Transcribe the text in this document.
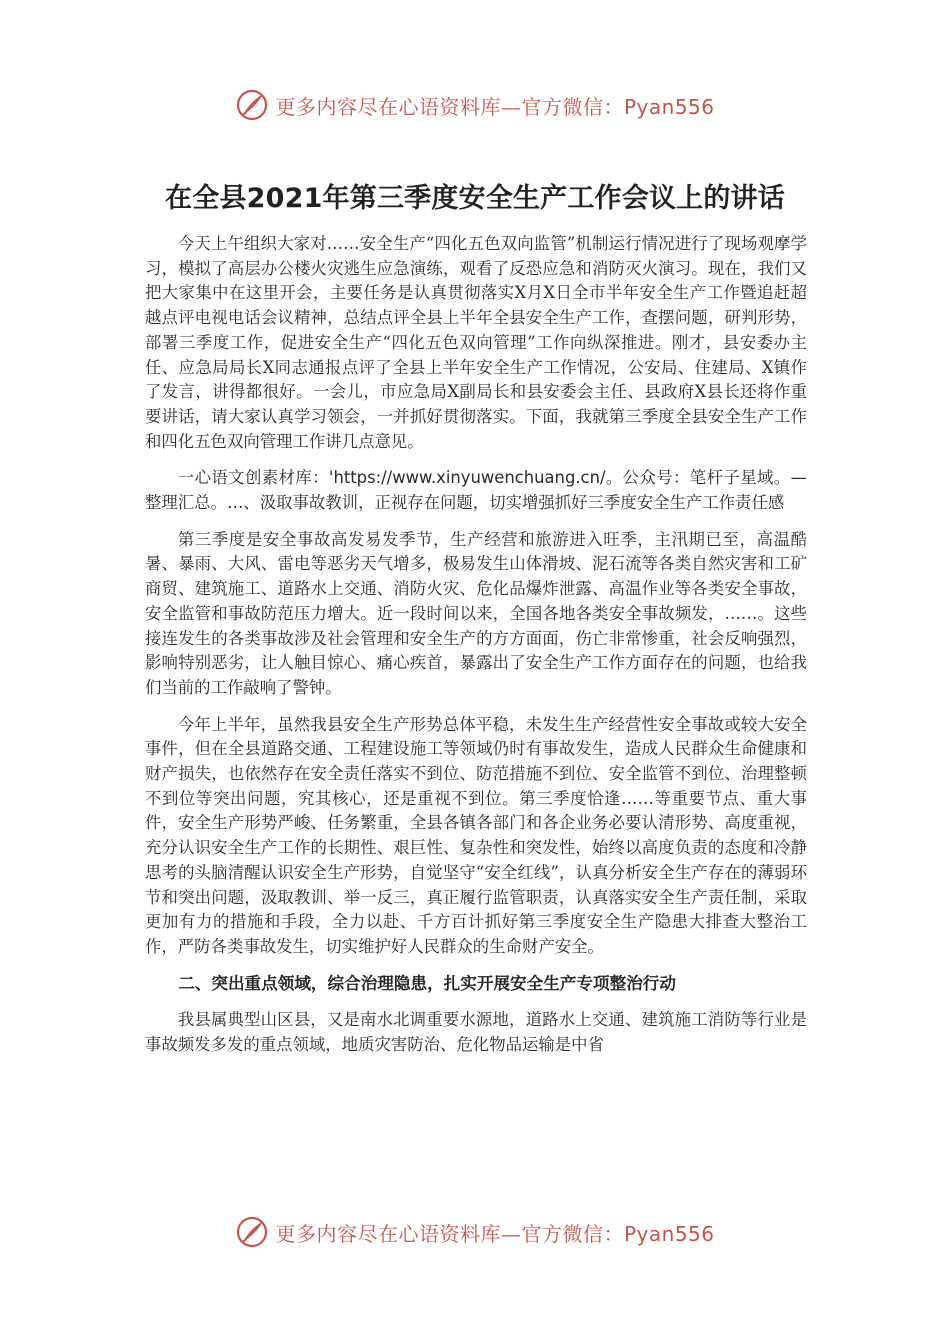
更多内容尽在心语资料库—官方微信：Pyan556
在全县2021年第三季度安全生产工作会议上的讲话

今天上午组织大家对……安全生产“四化五色双向监管”机制运行情况进行了现场观摩学习，模拟了高层办公楼火灾逃生应急演练，观看了反恐应急和消防灭火演习。现在，我们又把大家集中在这里开会，主要任务是认真贯彻落实X月X日全市半年安全生产工作暨追赶超越点评电视电话会议精神，总结点评全县上半年全县安全生产工作，查摆问题，研判形势，部署三季度工作，促进安全生产“四化五色双向管理”工作向纵深推进。刚才，县安委办主任、应急局局长X同志通报点评了全县上半年安全生产工作情况，公安局、住建局、X镇作了发言，讲得都很好。一会儿，市应急局X副局长和县安委会主任、县政府X县长还将作重要讲话，请大家认真学习领会，一并抓好贯彻落实。下面，我就第三季度全县安全生产工作和四化五色双向管理工作讲几点意见。

一心语文创素材库：'https://www.xinyuwenchuang.cn/。公众号：笔杆子星域。—整理汇总。…、汲取事故教训，正视存在问题，切实增强抓好三季度安全生产工作责任感

第三季度是安全事故高发易发季节，生产经营和旅游进入旺季，主汛期已至，高温酷暑、暴雨、大风、雷电等恶劣天气增多，极易发生山体滑坡、泥石流等各类自然灾害和工矿商贸、建筑施工、道路水上交通、消防火灾、危化品爆炸泄露、高温作业等各类安全事故，安全监管和事故防范压力增大。近一段时间以来，全国各地各类安全事故频发，……。这些接连发生的各类事故涉及社会管理和安全生产的方方面面，伤亡非常惨重，社会反响强烈，影响特别恶劣，让人触目惊心、痛心疾首，暴露出了安全生产工作方面存在的问题，也给我们当前的工作敲响了警钟。

今年上半年，虽然我县安全生产形势总体平稳，未发生生产经营性安全事故或较大安全事件，但在全县道路交通、工程建设施工等领域仍时有事故发生，造成人民群众生命健康和财产损失，也依然存在安全责任落实不到位、防范措施不到位、安全监管不到位、治理整顿不到位等突出问题，究其核心，还是重视不到位。第三季度恰逢……等重要节点、重大事件，安全生产形势严峻、任务繁重，全县各镇各部门和各企业务必要认清形势、高度重视，充分认识安全生产工作的长期性、艰巨性、复杂性和突发性，始终以高度负责的态度和冷静思考的头脑清醒认识安全生产形势，自觉坚守“安全红线”，认真分析安全生产存在的薄弱环节和突出问题，汲取教训、举一反三，真正履行监管职责，认真落实安全生产责任制，采取更加有力的措施和手段，全力以赴、千方百计抓好第三季度安全生产隐患大排查大整治工作，严防各类事故发生，切实维护好人民群众的生命财产安全。

二、突出重点领域，综合治理隐患，扎实开展安全生产专项整治行动

我县属典型山区县，又是南水北调重要水源地，道路水上交通、建筑施工消防等行业是事故频发多发的重点领域，地质灾害防治、危化物品运输是中省

更多内容尽在心语资料库—官方微信：Pyan556
